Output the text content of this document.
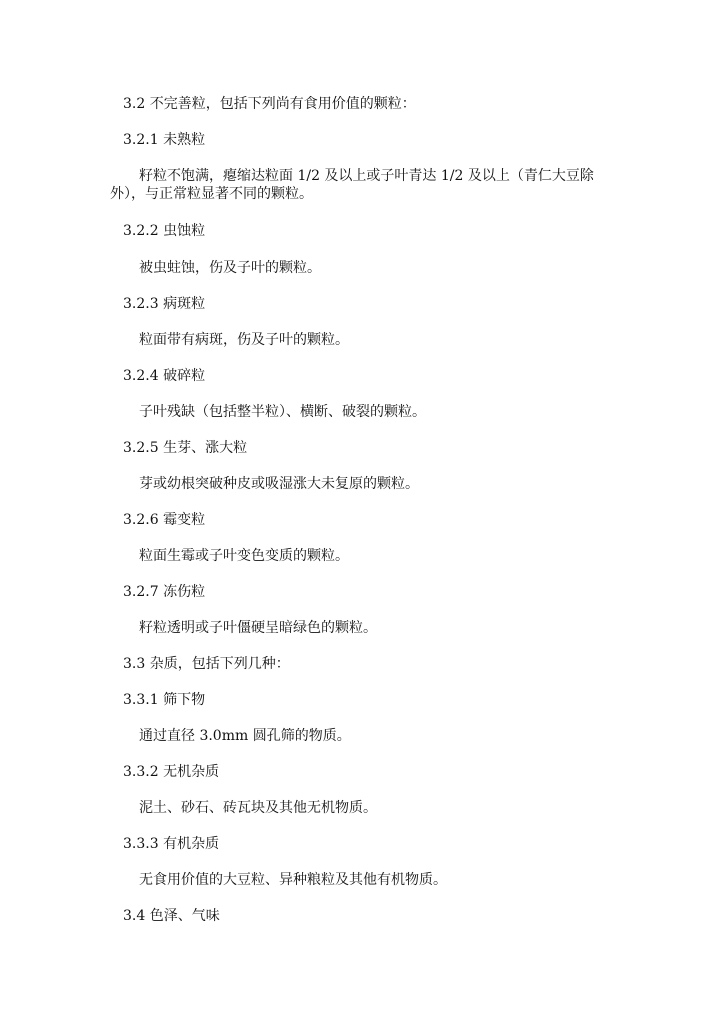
3.2 不完善粒，包括下列尚有食用价值的颗粒：
3.2.1 未熟粒
籽粒不饱满，瘪缩达粒面 1/2 及以上或子叶青达 1/2 及以上（青仁大豆除
外），与正常粒显著不同的颗粒。
3.2.2 虫蚀粒
被虫蛀蚀，伤及子叶的颗粒。
3.2.3 病斑粒
粒面带有病斑，伤及子叶的颗粒。
3.2.4 破碎粒
子叶残缺（包括整半粒）、横断、破裂的颗粒。
3.2.5 生芽、涨大粒
芽或幼根突破种皮或吸湿涨大未复原的颗粒。
3.2.6 霉变粒
粒面生霉或子叶变色变质的颗粒。
3.2.7 冻伤粒
籽粒透明或子叶僵硬呈暗绿色的颗粒。
3.3 杂质，包括下列几种：
3.3.1 筛下物
通过直径 3.0mm 圆孔筛的物质。
3.3.2 无机杂质
泥土、砂石、砖瓦块及其他无机物质。
3.3.3 有机杂质
无食用价值的大豆粒、异种粮粒及其他有机物质。
3.4 色泽、气味
